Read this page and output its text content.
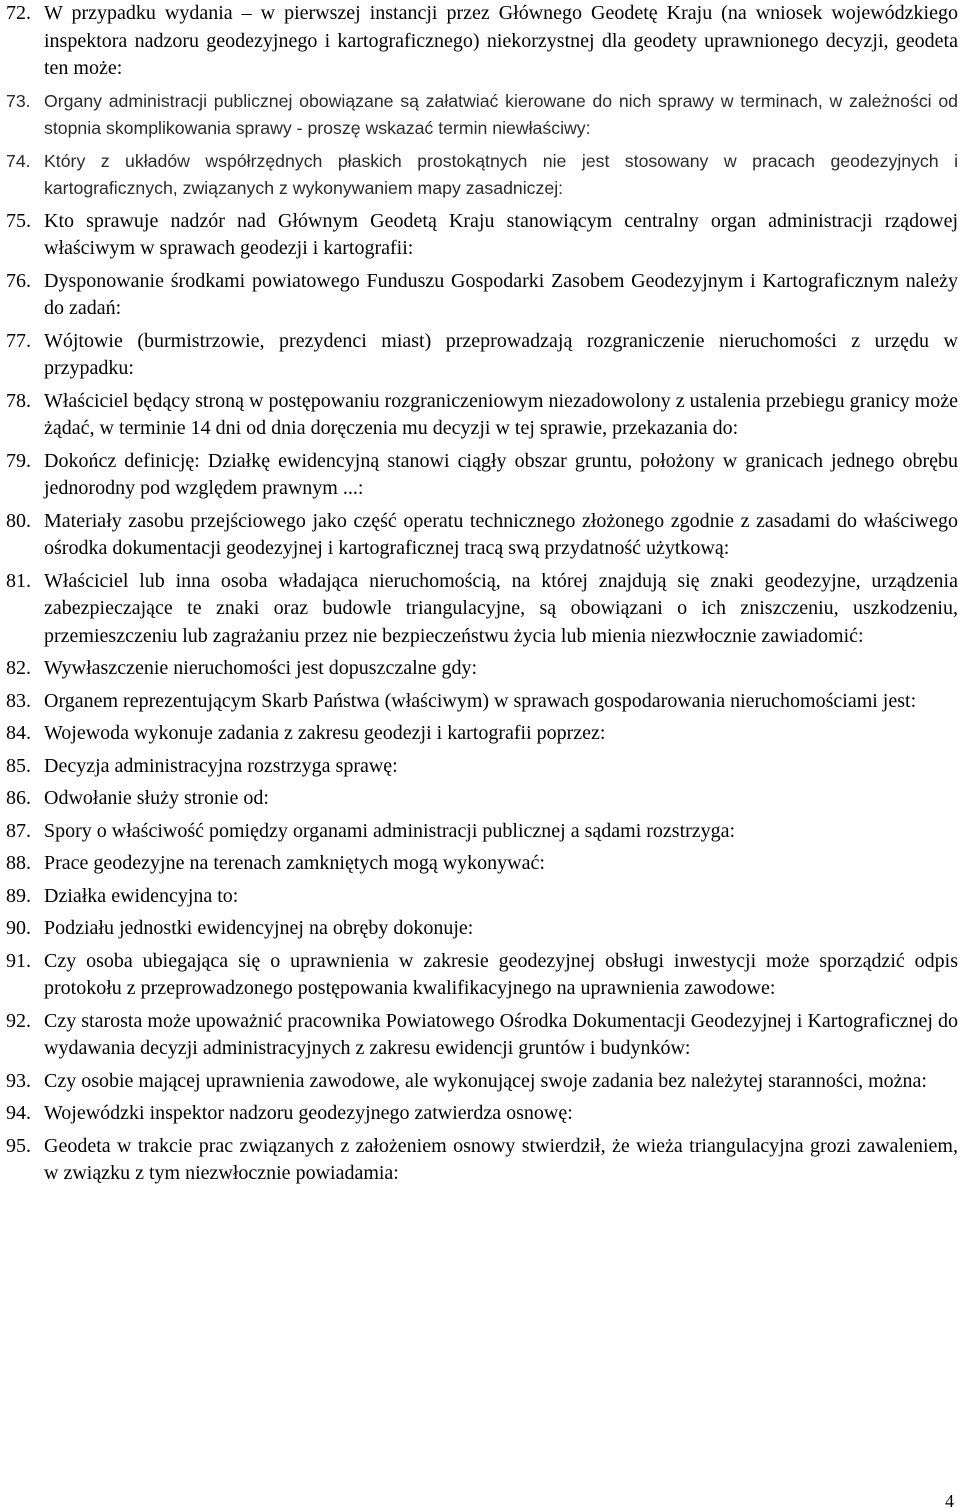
72. W przypadku wydania – w pierwszej instancji przez Głównego Geodetę Kraju (na wniosek wojewódzkiego inspektora nadzoru geodezyjnego i kartograficznego) niekorzystnej dla geodety uprawnionego decyzji, geodeta ten może:
73. Organy administracji publicznej obowiązane są załatwiać kierowane do nich sprawy w terminach, w zależności od stopnia skomplikowania sprawy - proszę wskazać termin niewłaściwy:
74. Który z układów współrzędnych płaskich prostokątnych nie jest stosowany w pracach geodezyjnych i kartograficznych, związanych z wykonywaniem mapy zasadniczej:
75. Kto sprawuje nadzór nad Głównym Geodetą Kraju stanowiącym centralny organ administracji rządowej właściwym w sprawach geodezji i kartografii:
76. Dysponowanie środkami powiatowego Funduszu Gospodarki Zasobem Geodezyjnym i Kartograficznym należy do zadań:
77. Wójtowie (burmistrzowie, prezydenci miast) przeprowadzają rozgraniczenie nieruchomości z urzędu w przypadku:
78. Właściciel będący stroną w postępowaniu rozgraniczeniowym niezadowolony z ustalenia przebiegu granicy może żądać, w terminie 14 dni od dnia doręczenia mu decyzji w tej sprawie, przekazania do:
79. Dokończ definicję: Działkę ewidencyjną stanowi ciągły obszar gruntu, położony w granicach jednego obrębu jednorodny pod względem prawnym ...:
80. Materiały zasobu przejściowego jako część operatu technicznego złożonego zgodnie z zasadami do właściwego ośrodka dokumentacji geodezyjnej i kartograficznej tracą swą przydatność użytkową:
81. Właściciel lub inna osoba władająca nieruchomością, na której znajdują się znaki geodezyjne, urządzenia zabezpieczające te znaki oraz budowle triangulacyjne, są obowiązani o ich zniszczeniu, uszkodzeniu, przemieszczeniu lub zagrażaniu przez nie bezpieczeństwu życia lub mienia niezwłocznie zawiadomić:
82. Wywłaszczenie nieruchomości jest dopuszczalne gdy:
83. Organem reprezentującym Skarb Państwa (właściwym) w sprawach gospodarowania nieruchomościami jest:
84. Wojewoda wykonuje zadania z zakresu geodezji i kartografii poprzez:
85. Decyzja administracyjna rozstrzyga sprawę:
86. Odwołanie służy stronie od:
87. Spory o właściwość pomiędzy organami administracji publicznej a sądami rozstrzyga:
88. Prace geodezyjne na terenach zamkniętych mogą wykonywać:
89. Działka ewidencyjna to:
90. Podziału jednostki ewidencyjnej na obręby dokonuje:
91. Czy osoba ubiegająca się o uprawnienia w zakresie geodezyjnej obsługi inwestycji może sporządzić odpis protokołu z przeprowadzonego postępowania kwalifikacyjnego na uprawnienia zawodowe:
92. Czy starosta może upoważnić pracownika Powiatowego Ośrodka Dokumentacji Geodezyjnej i Kartograficznej do wydawania decyzji administracyjnych z zakresu ewidencji gruntów i budynków:
93. Czy osobie mającej uprawnienia zawodowe, ale wykonującej swoje zadania bez należytej staranności, można:
94. Wojewódzki inspektor nadzoru geodezyjnego zatwierdza osnowę:
95. Geodeta w trakcie prac związanych z założeniem osnowy stwierdził, że wieża triangulacyjna grozi zawaleniem, w związku z tym niezwłocznie powiadamia:
4
